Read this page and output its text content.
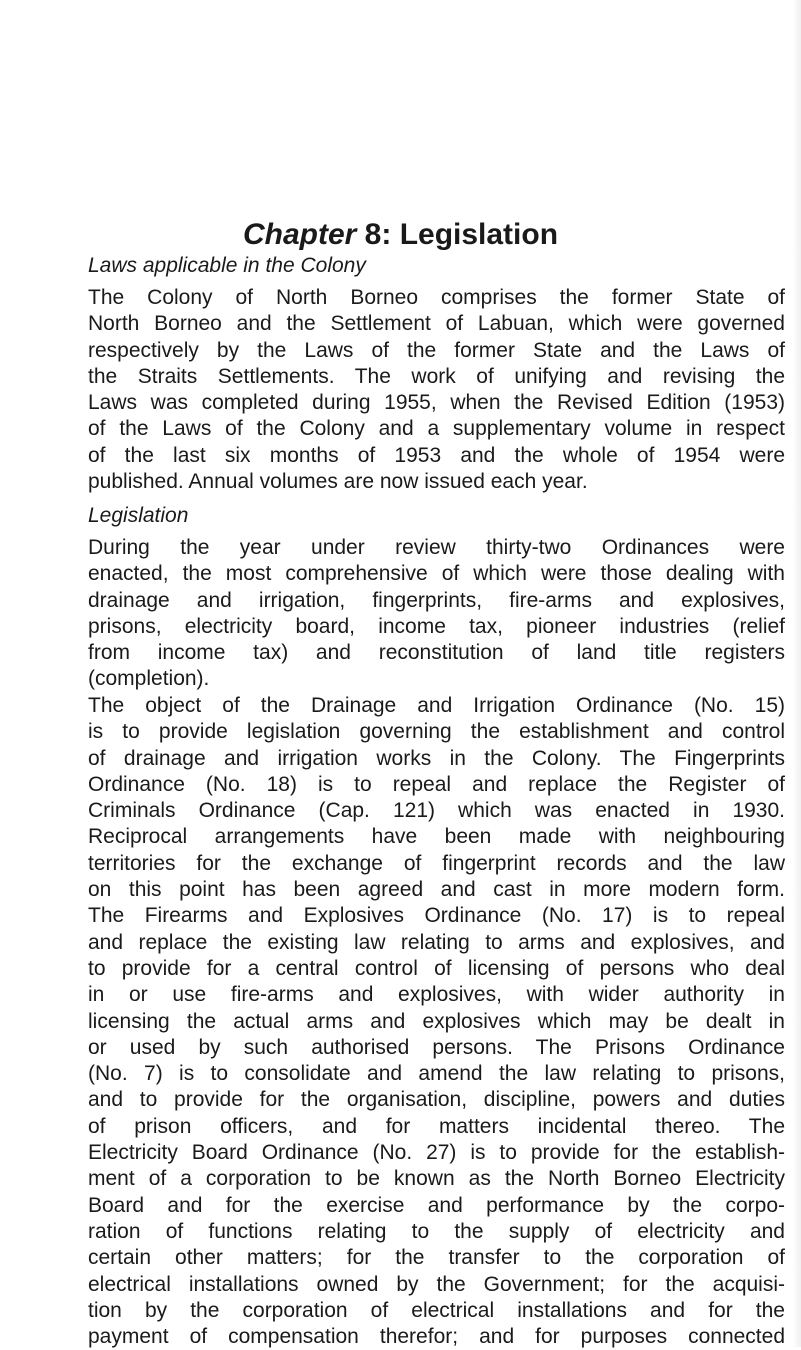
Chapter 8: Legislation
Laws applicable in the Colony
The Colony of North Borneo comprises the former State of
North Borneo and the Settlement of Labuan, which were governed
respectively by the Laws of the former State and the Laws of
the Straits Settlements. The work of unifying and revising the
Laws was completed during 1955, when the Revised Edition (1953)
of the Laws of the Colony and a supplementary volume in respect
of the last six months of 1953 and the whole of 1954 were
published. Annual volumes are now issued each year.
Legislation
During the year under review thirty-two Ordinances were
enacted, the most comprehensive of which were those dealing with
drainage and irrigation, fingerprints, fire-arms and explosives,
prisons, electricity board, income tax, pioneer industries (relief
from income tax) and reconstitution of land title registers
(completion).
The object of the Drainage and Irrigation Ordinance (No. 15)
is to provide legislation governing the establishment and control
of drainage and irrigation works in the Colony. The Fingerprints
Ordinance (No. 18) is to repeal and replace the Register of
Criminals Ordinance (Cap. 121) which was enacted in 1930.
Reciprocal arrangements have been made with neighbouring
territories for the exchange of fingerprint records and the law
on this point has been agreed and cast in more modern form.
The Firearms and Explosives Ordinance (No. 17) is to repeal
and replace the existing law relating to arms and explosives, and
to provide for a central control of licensing of persons who deal
in or use fire-arms and explosives, with wider authority in
licensing the actual arms and explosives which may be dealt in
or used by such authorised persons. The Prisons Ordinance
(No. 7) is to consolidate and amend the law relating to prisons,
and to provide for the organisation, discipline, powers and duties
of prison officers, and for matters incidental thereo. The
Electricity Board Ordinance (No. 27) is to provide for the establish-
ment of a corporation to be known as the North Borneo Electricity
Board and for the exercise and performance by the corpo-
ration of functions relating to the supply of electricity and
certain other matters; for the transfer to the corporation of
electrical installations owned by the Government; for the acquisi-
tion by the corporation of electrical installations and for the
payment of compensation therefor; and for purposes connected
